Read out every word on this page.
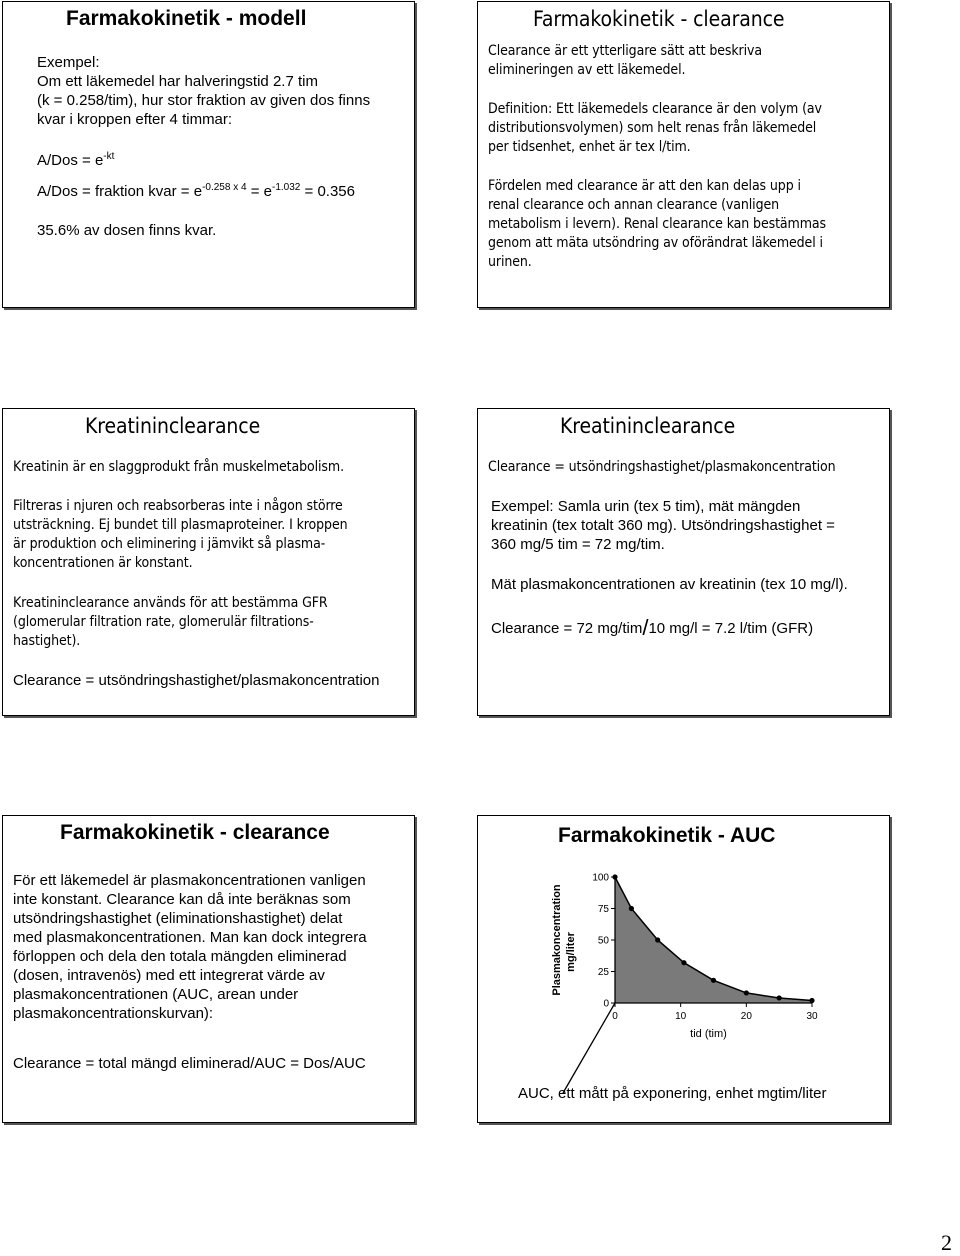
Farmakokinetik - modell
Exempel:

Om ett läkemedel har halveringstid 2.7 tim

(k = 0.258/tim), hur stor fraktion av given dos finns

kvar i kroppen efter 4 timmar:

$A/Dos = e^{-kt}$
A/Dos = fraktion kvar = $e^{-0.258 x 4} = e^{-1.032} = 0.356$
35.6% av dosen finns kvar.
Farmakokinetik - clearance

Clearance är ett ytterligare sätt att beskriva

elimineringen av ett läkemedel.

Definition: Ett läkemedels clearance är den volym (av

distributionsvolymen) som helt renas från läkemedel

per tidsenhet, enhet är tex l/tim.

Fördelen med clearance är att den kan delas upp i

renal clearance och annan clearance (vanligen

metabolism i levern). Renal clearance kan bestämmas

genom att mäta utsöndring av oförändrat läkemedel i

urinen.

Kreatininclearance
Kreatinin är en slaggprodukt från muskelmetabolism.

Filtreras i njuren och reabsorberas inte i någon större

utsträckning. Ej bundet till plasmaproteiner. I kroppen

är produktion och eliminering i jämvikt så plasma-

koncentrationen är konstant.

Kreatininclearance används för att bestämma GFR

(glomerular filtration rate, glomerulär filtrations-

hastighet).

Clearance = utsöndringshastighet/plasmakoncentration
Kreatininclearance
Clearance = utsöndringshastighet/plasmakoncentration

Exempel: Samla urin (tex 5 tim), mät mängden

kreatinin (tex totalt 360 mg). Utsöndringshastighet =

360 mg/5 tim = 72 mg/tim.

Mät plasmakoncentrationen av kreatinin (tex 10 mg/l).
Clearance = 72 mg/tim/10 mg/l = 7.2 l/tim (GFR)
Farmakokinetik - clearance

För ett läkemedel är plasmakoncentrationen vanligen

inte konstant. Clearance kan då inte beräknas som

utsöndringshastighet (eliminationshastighet) delat

med plasmakoncentrationen. Man kan dock integrera

förloppen och dela den totala mängden eliminerad

(dosen, intravenös) med ett integrerat värde av

plasmakoncentrationen (AUC, arean under

plasmakoncentrationskurvan):

Clearance = total mängd eliminerad/AUC = Dos/AUC
Farmakokinetik - AUC
0
25
50
75
100
0	10	20	30
tid (tim)
Plasmakoncentration mg/liter
AUC, ett mått på exponering, enhet mgtim/liter
2
